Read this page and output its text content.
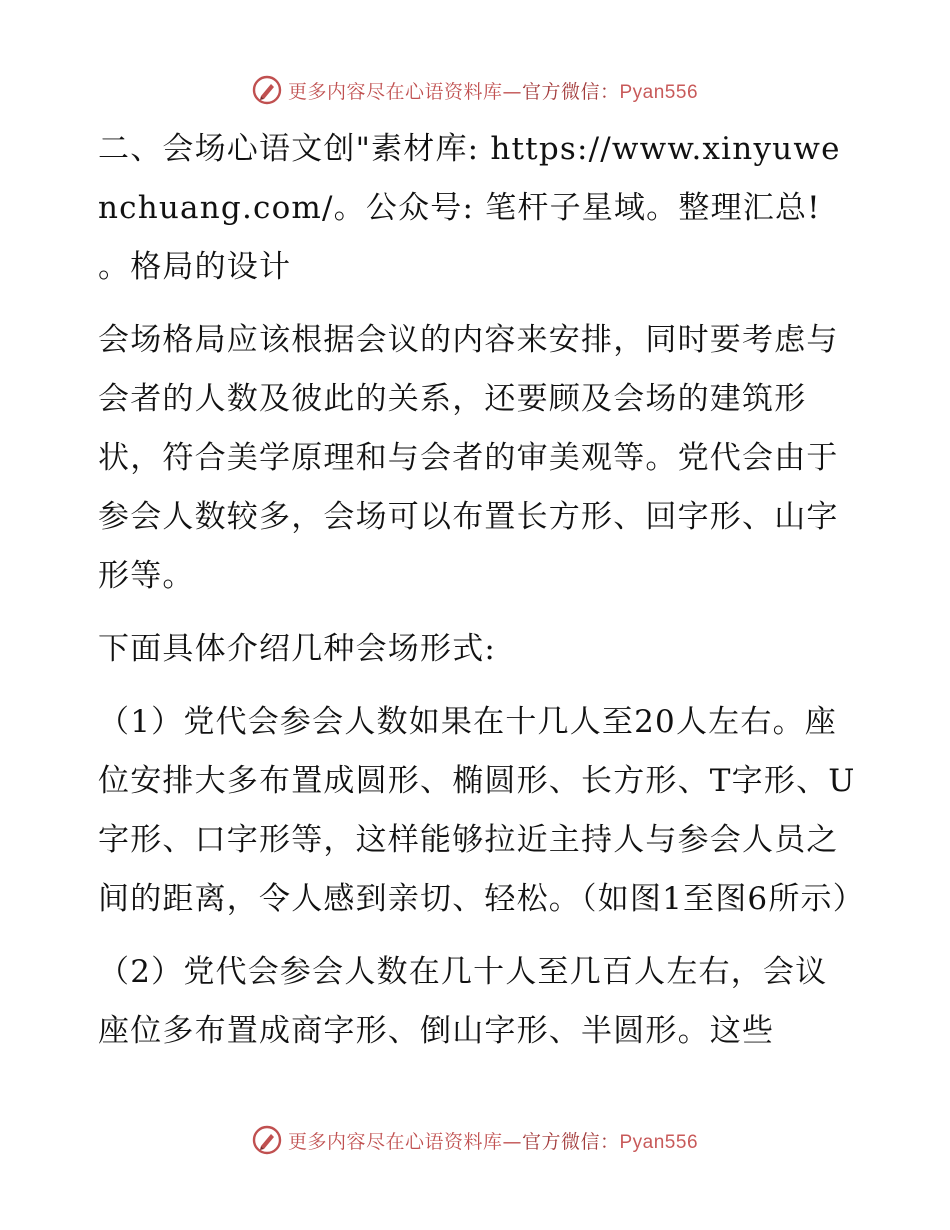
更多内容尽在心语资料库—官方微信：Pyan556

二、会场心语文创"素材库: https://www.xinyuwenchuang.com/。公众号: 笔杆子星域。整理汇总! 。格局的设计

会场格局应该根据会议的内容来安排，同时要考虑与会者的人数及彼此的关系，还要顾及会场的建筑形状，符合美学原理和与会者的审美观等。党代会由于参会人数较多，会场可以布置长方形、回字形、山字形等。

下面具体介绍几种会场形式:

（1）党代会参会人数如果在十几人至20人左右。座位安排大多布置成圆形、椭圆形、长方形、T字形、U字形、口字形等，这样能够拉近主持人与参会人员之间的距离，令人感到亲切、轻松。（如图1至图6所示）

（2）党代会参会人数在几十人至几百人左右，会议座位多布置成商字形、倒山字形、半圆形。这些

更多内容尽在心语资料库—官方微信：Pyan556
